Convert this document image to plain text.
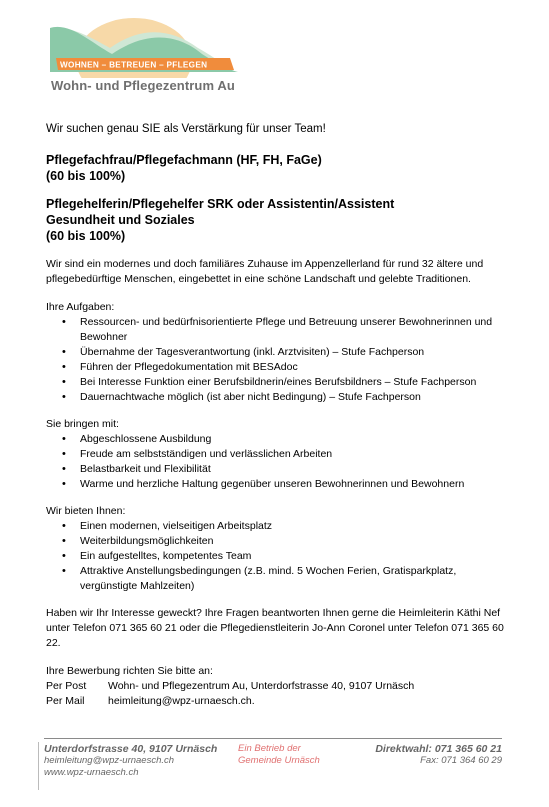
WOHNEN – BETREUEN – PFLEGEN
Wohn- und Pflegezentrum Au
Wir suchen genau SIE als Verstärkung für unser Team!
Pflegefachfrau/Pflegefachmann (HF, FH, FaGe)
(60 bis 100%)
Pflegehelferin/Pflegehelfer SRK oder Assistentin/Assistent
Gesundheit und Soziales
(60 bis 100%)

Wir sind ein modernes und doch familiäres Zuhause im Appenzellerland für rund 32 ältere und pflegebedürftige Menschen, eingebettet in eine schöne Landschaft und gelebte Traditionen.

Ihre Aufgaben:
• Ressourcen- und bedürfnisorientierte Pflege und Betreuung unserer Bewohnerinnen und Bewohner
• Übernahme der Tagesverantwortung (inkl. Arztvisiten) – Stufe Fachperson
• Führen der Pflegedokumentation mit BESAdoc
• Bei Interesse Funktion einer Berufsbildnerin/eines Berufsbildners – Stufe Fachperson
• Dauernachtwache möglich (ist aber nicht Bedingung) – Stufe Fachperson
Sie bringen mit:
• Abgeschlossene Ausbildung
• Freude am selbstständigen und verlässlichen Arbeiten
• Belastbarkeit und Flexibilität
• Warme und herzliche Haltung gegenüber unseren Bewohnerinnen und Bewohnern
Wir bieten Ihnen:
• Einen modernen, vielseitigen Arbeitsplatz
• Weiterbildungsmöglichkeiten
• Ein aufgestelltes, kompetentes Team
• Attraktive Anstellungsbedingungen (z.B. mind. 5 Wochen Ferien, Gratisparkplatz, vergünstigte Mahlzeiten)

Haben wir Ihr Interesse geweckt? Ihre Fragen beantworten Ihnen gerne die Heimleiterin Käthi Nef unter Telefon 071 365 60 21 oder die Pflegedienstleiterin Jo-Ann Coronel unter Telefon 071 365 60 22.

Ihre Bewerbung richten Sie bitte an:
Per Post	Wohn- und Pflegezentrum Au, Unterdorfstrasse 40, 9107 Urnäsch
Per Mail	heimleitung@wpz-urnaesch.ch.
Unterdorfstrasse 40, 9107 Urnäsch	Ein Betrieb der	Direktwahl: 071 365 60 21
heimleitung@wpz-urnaesch.ch	Gemeinde Urnäsch	Fax: 071 364 60 29
www.wpz-urnaesch.ch
